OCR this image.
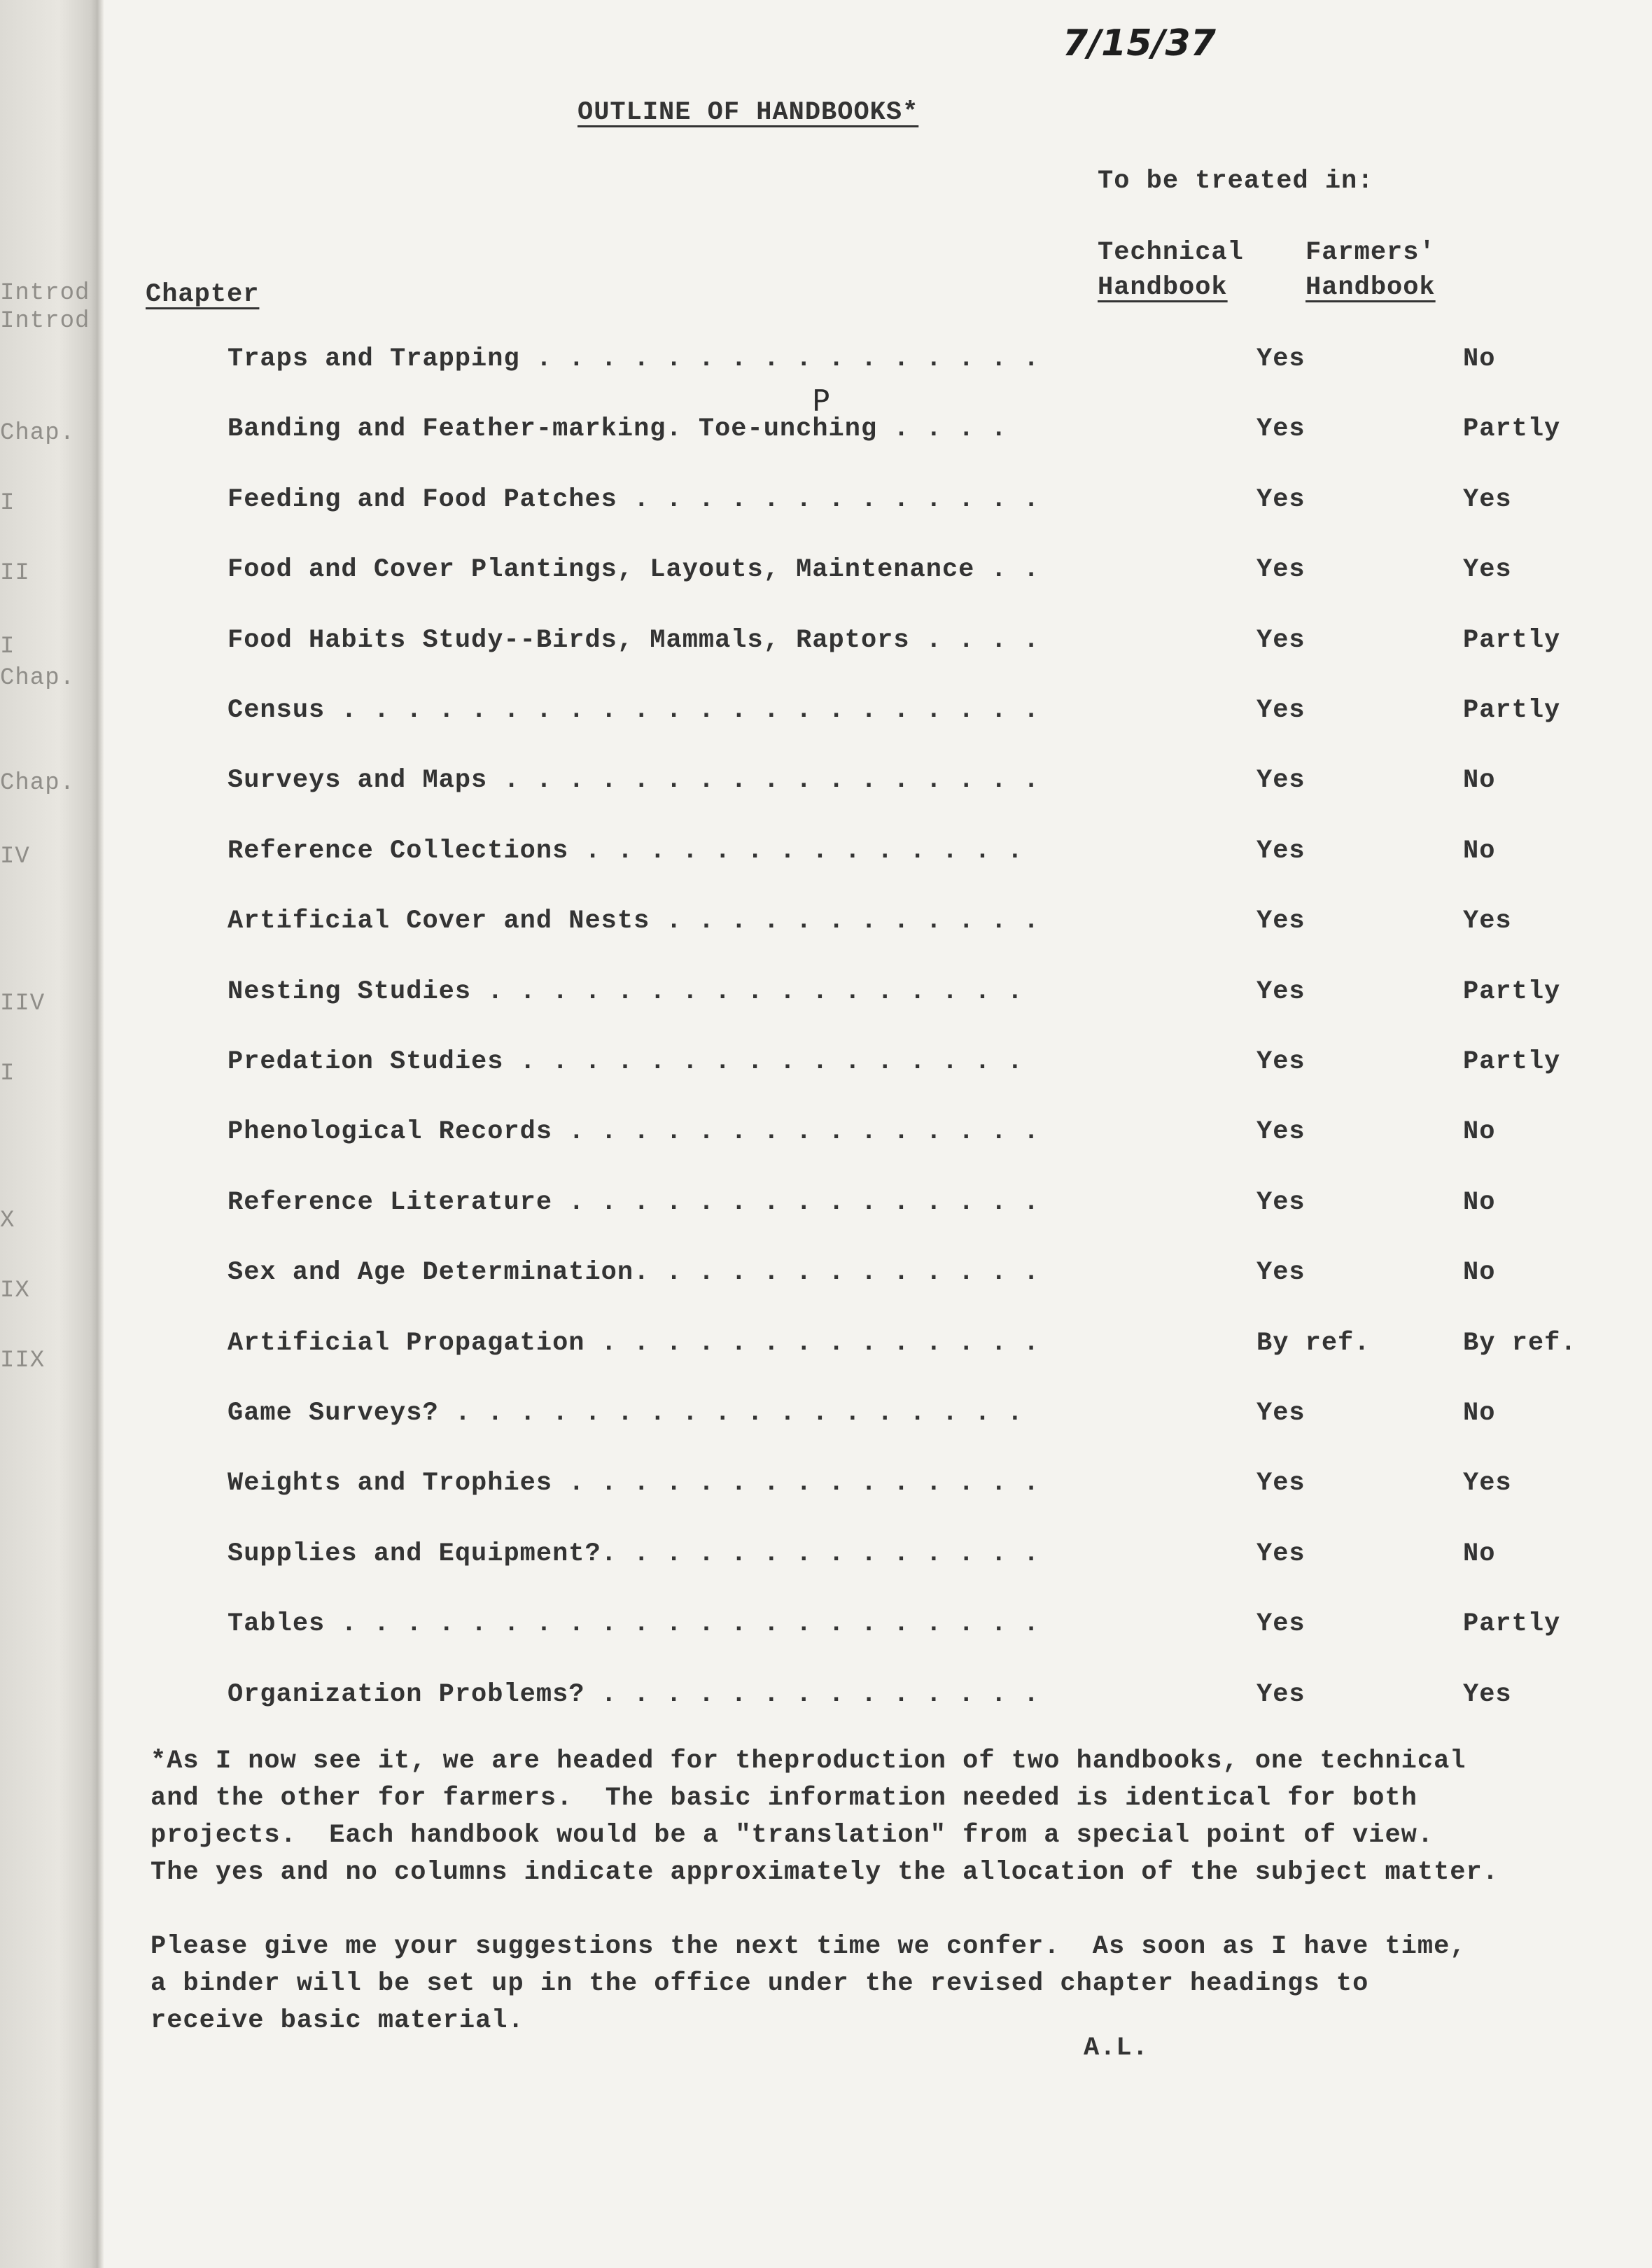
Introd
Introd
Chap.
I
II
I
Chap.
Chap.
IV
IIV
I
X
IX
IIX
7/15/37
OUTLINE OF HANDBOOKS*
To be treated in:
Technical
Handbook
Farmers'
Handbook
Chapter
P
Traps and Trapping . . . . . . . . . . . . . . . .	Yes	No
Banding and Feather-marking. Toe-unching . . . .	Yes	Partly
Feeding and Food Patches . . . . . . . . . . . . .	Yes	Yes
Food and Cover Plantings, Layouts, Maintenance . .	Yes	Yes
Food Habits Study--Birds, Mammals, Raptors . . . .	Yes	Partly
Census . . . . . . . . . . . . . . . . . . . . . .	Yes	Partly
Surveys and Maps . . . . . . . . . . . . . . . . .	Yes	No
Reference Collections . . . . . . . . . . . . . .	Yes	No
Artificial Cover and Nests . . . . . . . . . . . .	Yes	Yes
Nesting Studies . . . . . . . . . . . . . . . . .	Yes	Partly
Predation Studies . . . . . . . . . . . . . . . .	Yes	Partly
Phenological Records . . . . . . . . . . . . . . .	Yes	No
Reference Literature . . . . . . . . . . . . . . .	Yes	No
Sex and Age Determination. . . . . . . . . . . . .	Yes	No
Artificial Propagation . . . . . . . . . . . . . .	By ref.	By ref.
Game Surveys? . . . . . . . . . . . . . . . . . .	Yes	No
Weights and Trophies . . . . . . . . . . . . . . .	Yes	Yes
Supplies and Equipment?. . . . . . . . . . . . . .	Yes	No
Tables . . . . . . . . . . . . . . . . . . . . . .	Yes	Partly
Organization Problems? . . . . . . . . . . . . . .	Yes	Yes

*As I now see it, we are headed for theproduction of two handbooks, one technical
and the other for farmers.  The basic information needed is identical for both
projects.  Each handbook would be a "translation" from a special point of view.
The yes and no columns indicate approximately the allocation of the subject matter.

Please give me your suggestions the next time we confer.  As soon as I have time,
a binder will be set up in the office under the revised chapter headings to
receive basic material.

A.L.
